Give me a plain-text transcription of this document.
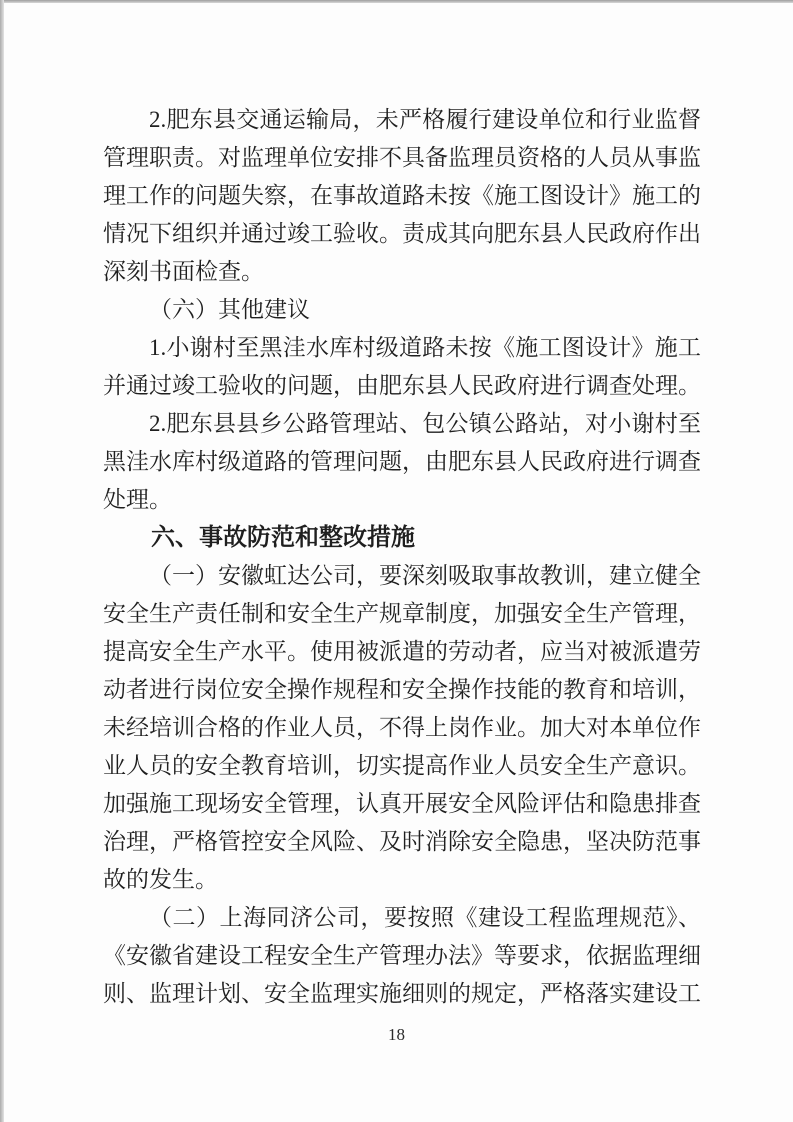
2.肥东县交通运输局，未严格履行建设单位和行业监督管理职责。对监理单位安排不具备监理员资格的人员从事监理工作的问题失察，在事故道路未按《施工图设计》施工的情况下组织并通过竣工验收。责成其向肥东县人民政府作出深刻书面检查。

（六）其他建议

1.小谢村至黑洼水库村级道路未按《施工图设计》施工并通过竣工验收的问题，由肥东县人民政府进行调查处理。

2.肥东县县乡公路管理站、包公镇公路站，对小谢村至黑洼水库村级道路的管理问题，由肥东县人民政府进行调查处理。

六、事故防范和整改措施

（一）安徽虹达公司，要深刻吸取事故教训，建立健全安全生产责任制和安全生产规章制度，加强安全生产管理，提高安全生产水平。使用被派遣的劳动者，应当对被派遣劳动者进行岗位安全操作规程和安全操作技能的教育和培训，未经培训合格的作业人员，不得上岗作业。加大对本单位作业人员的安全教育培训，切实提高作业人员安全生产意识。加强施工现场安全管理，认真开展安全风险评估和隐患排查治理，严格管控安全风险、及时消除安全隐患，坚决防范事故的发生。

（二）上海同济公司，要按照《建设工程监理规范》、《安徽省建设工程安全生产管理办法》等要求，依据监理细则、监理计划、安全监理实施细则的规定，严格落实建设工

18
